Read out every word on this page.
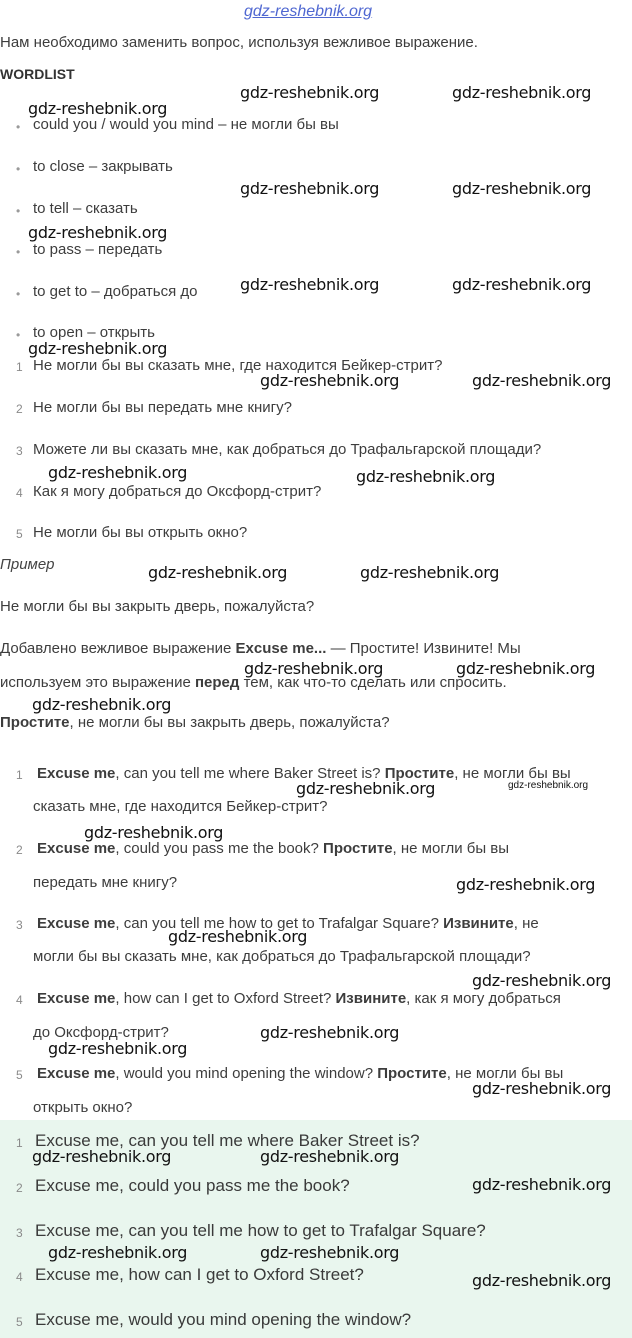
gdz-reshebnik.org
Нам необходимо заменить вопрос, используя вежливое выражение.
WORDLIST
• could you / would you mind – не могли бы вы
• to close – закрывать
• to tell – сказать
• to pass – передать
• to get to – добраться до
• to open – открыть
1 Не могли бы вы сказать мне, где находится Бейкер-стрит?
2 Не могли бы вы передать мне книгу?
3 Можете ли вы сказать мне, как добраться до Трафальгарской площади?
4 Как я могу добраться до Оксфорд-стрит?
5 Не могли бы вы открыть окно?
Пример
Не могли бы вы закрыть дверь, пожалуйста?
Добавлено вежливое выражение Excuse me... — Простите! Извините! Мы
используем это выражение перед тем, как что-то сделать или спросить.
Простите, не могли бы вы закрыть дверь, пожалуйста?
1 Excuse me, can you tell me where Baker Street is? Простите, не могли бы вы
сказать мне, где находится Бейкер-стрит?
2 Excuse me, could you pass me the book? Простите, не могли бы вы
передать мне книгу?
3 Excuse me, can you tell me how to get to Trafalgar Square? Извините, не
могли бы вы сказать мне, как добраться до Трафальгарской площади?
4 Excuse me, how can I get to Oxford Street? Извините, как я могу добраться
до Оксфорд-стрит?
5 Excuse me, would you mind opening the window? Простите, не могли бы вы
открыть окно?
1 Excuse me, can you tell me where Baker Street is?
2 Excuse me, could you pass me the book?
3 Excuse me, can you tell me how to get to Trafalgar Square?
4 Excuse me, how can I get to Oxford Street?
5 Excuse me, would you mind opening the window?
gdz-reshebnik.org
gdz-reshebnik.org	gdz-reshebnik.org
gdz-reshebnik.org	gdz-reshebnik.org
gdz-reshebnik.org
gdz-reshebnik.org	gdz-reshebnik.org
gdz-reshebnik.org
gdz-reshebnik.org	gdz-reshebnik.org
gdz-reshebnik.org	gdz-reshebnik.org
gdz-reshebnik.org	gdz-reshebnik.org
gdz-reshebnik.org	gdz-reshebnik.org
gdz-reshebnik.org
gdz-reshebnik.org	gdz-reshebnik.org
gdz-reshebnik.org
gdz-reshebnik.org
gdz-reshebnik.org
gdz-reshebnik.org
gdz-reshebnik.org
gdz-reshebnik.org
gdz-reshebnik.org
gdz-reshebnik.org	gdz-reshebnik.org
gdz-reshebnik.org
gdz-reshebnik.org	gdz-reshebnik.org
gdz-reshebnik.org
